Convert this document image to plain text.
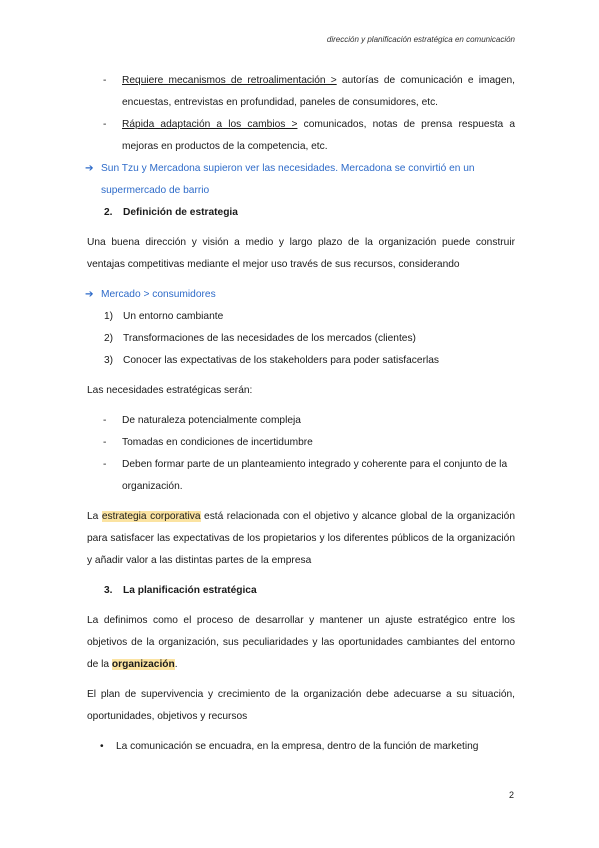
dirección y planificación estratégica en comunicación
- Requiere mecanismos de retroalimentación > autorías de comunicación e imagen, encuestas, entrevistas en profundidad, paneles de consumidores, etc.
- Rápida adaptación a los cambios > comunicados, notas de prensa respuesta a mejoras en productos de la competencia, etc.
➔ Sun Tzu y Mercadona supieron ver las necesidades. Mercadona se convirtió en un supermercado de barrio
2. Definición de estrategia

Una buena dirección y visión a medio y largo plazo de la organización puede construir ventajas competitivas mediante el mejor uso través de sus recursos, considerando

➔ Mercado > consumidores
1) Un entorno cambiante
2) Transformaciones de las necesidades de los mercados (clientes)
3) Conocer las expectativas de los stakeholders para poder satisfacerlas

Las necesidades estratégicas serán:

- De naturaleza potencialmente compleja
- Tomadas en condiciones de incertidumbre
- Deben formar parte de un planteamiento integrado y coherente para el conjunto de la organización.

La estrategia corporativa está relacionada con el objetivo y alcance global de la organización para satisfacer las expectativas de los propietarios y los diferentes públicos de la organización y añadir valor a las distintas partes de la empresa

3. La planificación estratégica

La definimos como el proceso de desarrollar y mantener un ajuste estratégico entre los objetivos de la organización, sus peculiaridades y las oportunidades cambiantes del entorno de la organización.

El plan de supervivencia y crecimiento de la organización debe adecuarse a su situación, oportunidades, objetivos y recursos

• La comunicación se encuadra, en la empresa, dentro de la función de marketing
2
